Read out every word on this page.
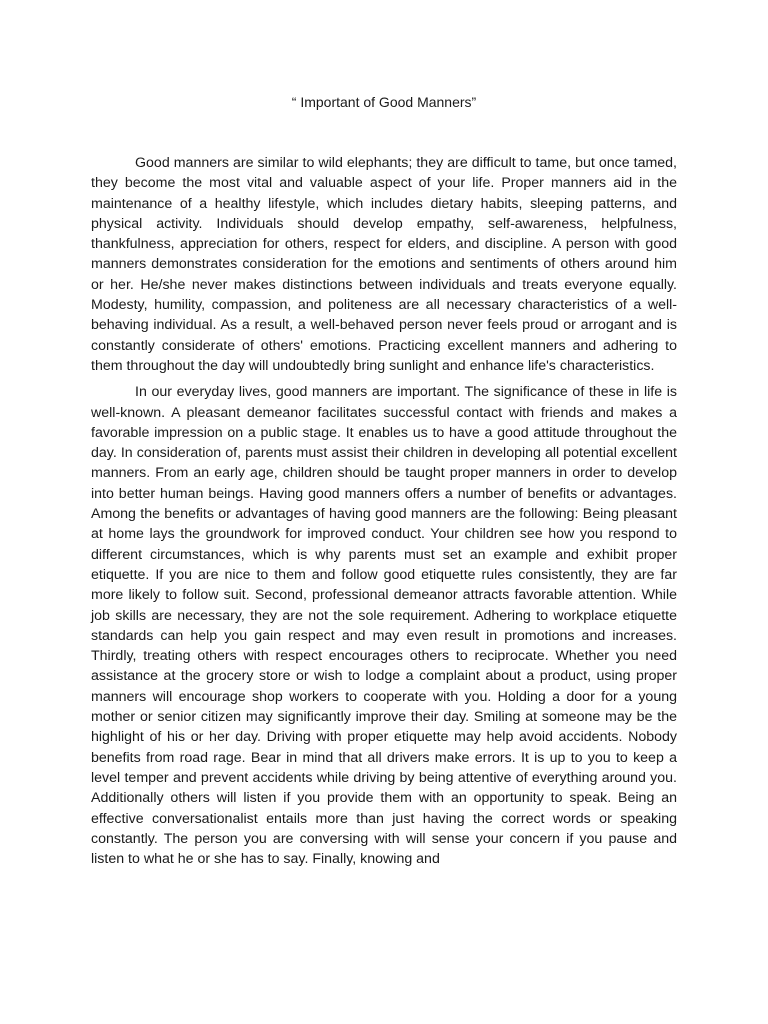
“ Important of Good Manners”

Good manners are similar to wild elephants; they are difficult to tame, but once tamed, they become the most vital and valuable aspect of your life. Proper manners aid in the maintenance of a healthy lifestyle, which includes dietary habits, sleeping patterns, and physical activity. Individuals should develop empathy, self-awareness, helpfulness, thankfulness, appreciation for others, respect for elders, and discipline. A person with good manners demonstrates consideration for the emotions and sentiments of others around him or her. He/she never makes distinctions between individuals and treats everyone equally. Modesty, humility, compassion, and politeness are all necessary characteristics of a well-behaving individual. As a result, a well-behaved person never feels proud or arrogant and is constantly considerate of others' emotions. Practicing excellent manners and adhering to them throughout the day will undoubtedly bring sunlight and enhance life's characteristics.

In our everyday lives, good manners are important. The significance of these in life is well-known. A pleasant demeanor facilitates successful contact with friends and makes a favorable impression on a public stage. It enables us to have a good attitude throughout the day. In consideration of, parents must assist their children in developing all potential excellent manners. From an early age, children should be taught proper manners in order to develop into better human beings. Having good manners offers a number of benefits or advantages. Among the benefits or advantages of having good manners are the following: Being pleasant at home lays the groundwork for improved conduct. Your children see how you respond to different circumstances, which is why parents must set an example and exhibit proper etiquette. If you are nice to them and follow good etiquette rules consistently, they are far more likely to follow suit. Second, professional demeanor attracts favorable attention. While job skills are necessary, they are not the sole requirement. Adhering to workplace etiquette standards can help you gain respect and may even result in promotions and increases. Thirdly, treating others with respect encourages others to reciprocate. Whether you need assistance at the grocery store or wish to lodge a complaint about a product, using proper manners will encourage shop workers to cooperate with you. Holding a door for a young mother or senior citizen may significantly improve their day. Smiling at someone may be the highlight of his or her day. Driving with proper etiquette may help avoid accidents. Nobody benefits from road rage. Bear in mind that all drivers make errors. It is up to you to keep a level temper and prevent accidents while driving by being attentive of everything around you. Additionally others will listen if you provide them with an opportunity to speak. Being an effective conversationalist entails more than just having the correct words or speaking constantly. The person you are conversing with will sense your concern if you pause and listen to what he or she has to say. Finally, knowing and
